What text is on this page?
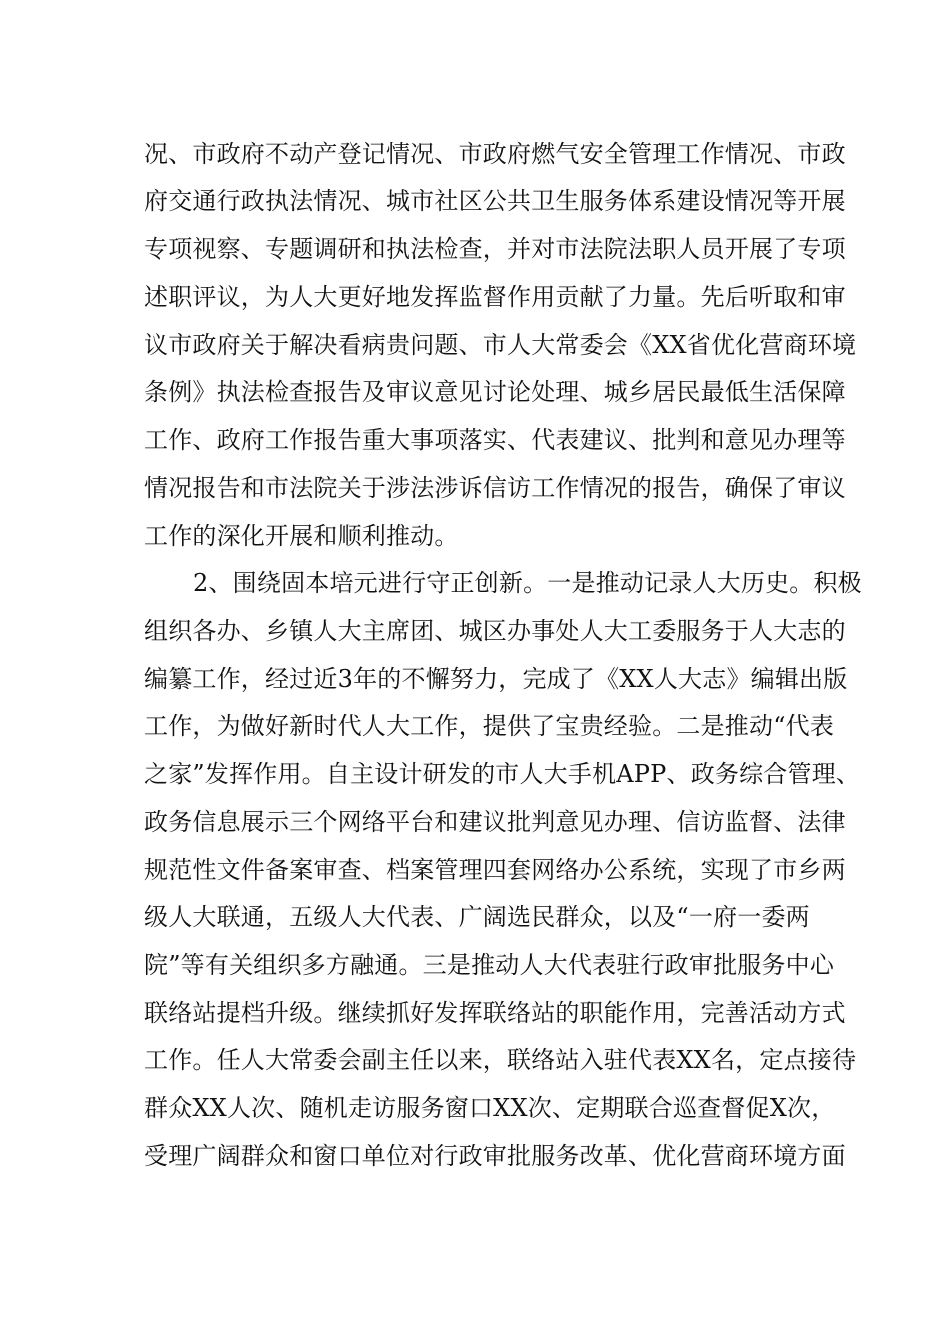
况、市政府不动产登记情况、市政府燃气安全管理工作情况、市政
府交通行政执法情况、城市社区公共卫生服务体系建设情况等开展
专项视察、专题调研和执法检查，并对市法院法职人员开展了专项
述职评议，为人大更好地发挥监督作用贡献了力量。先后听取和审
议市政府关于解决看病贵问题、市人大常委会《XX省优化营商环境
条例》执法检查报告及审议意见讨论处理、城乡居民最低生活保障
工作、政府工作报告重大事项落实、代表建议、批判和意见办理等
情况报告和市法院关于涉法涉诉信访工作情况的报告，确保了审议
工作的深化开展和顺利推动。
2、围绕固本培元进行守正创新。一是推动记录人大历史。积极
组织各办、乡镇人大主席团、城区办事处人大工委服务于人大志的
编纂工作，经过近3年的不懈努力，完成了《XX人大志》编辑出版
工作，为做好新时代人大工作，提供了宝贵经验。二是推动“代表
之家”发挥作用。自主设计研发的市人大手机APP、政务综合管理、
政务信息展示三个网络平台和建议批判意见办理、信访监督、法律
规范性文件备案审查、档案管理四套网络办公系统，实现了市乡两
级人大联通，五级人大代表、广阔选民群众，以及“一府一委两
院”等有关组织多方融通。三是推动人大代表驻行政审批服务中心
联络站提档升级。继续抓好发挥联络站的职能作用，完善活动方式
工作。任人大常委会副主任以来，联络站入驻代表XX名，定点接待
群众XX人次、随机走访服务窗口XX次、定期联合巡查督促X次，
受理广阔群众和窗口单位对行政审批服务改革、优化营商环境方面
